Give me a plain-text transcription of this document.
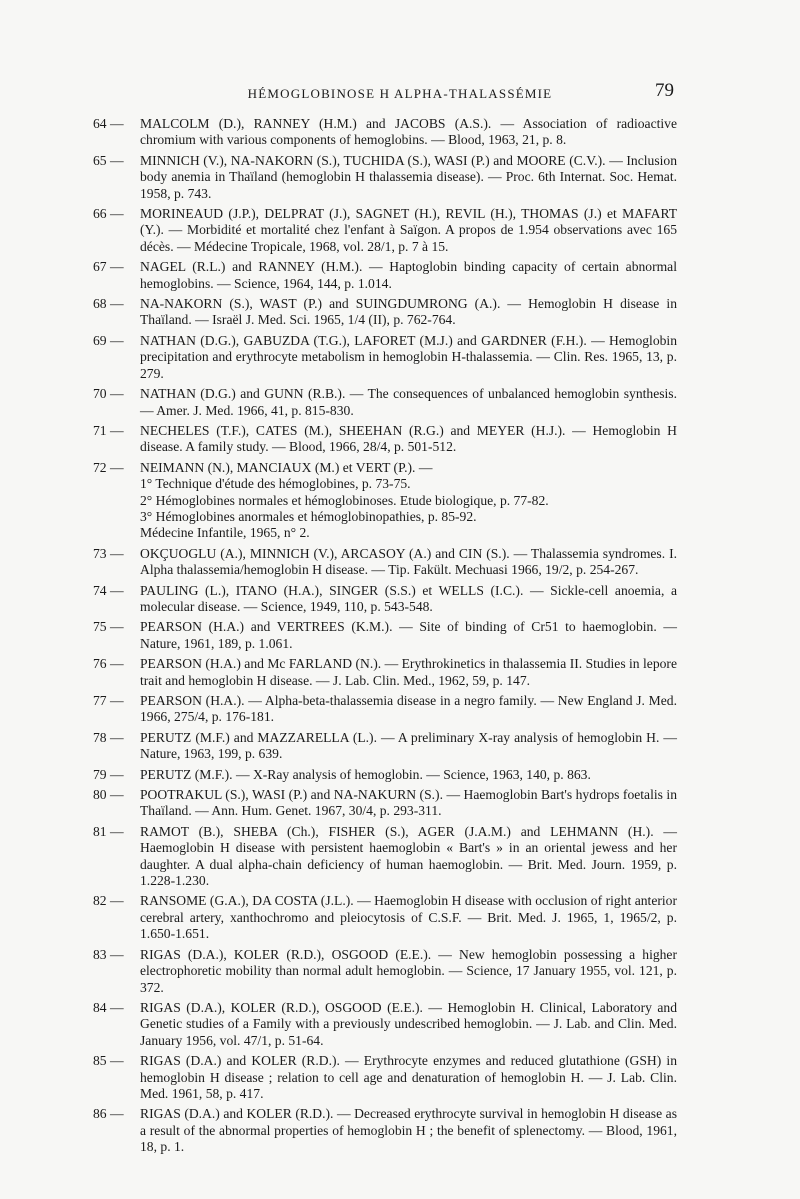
HÉMOGLOBINOSE H ALPHA-THALASSÉMIE	79
64 —	MALCOLM (D.), RANNEY (H.M.) and JACOBS (A.S.). — Association of radioactive chromium with various components of hemoglobins. — Blood, 1963, 21, p. 8.
65 —	MINNICH (V.), NA-NAKORN (S.), TUCHIDA (S.), WASI (P.) and MOORE (C.V.). — Inclusion body anemia in Thaïland (hemoglobin H thalassemia disease). — Proc. 6th Internat. Soc. Hemat. 1958, p. 743.
66 —	MORINEAUD (J.P.), DELPRAT (J.), SAGNET (H.), REVIL (H.), THOMAS (J.) et MAFART (Y.). — Morbidité et mortalité chez l'enfant à Saïgon. A propos de 1.954 observations avec 165 décès. — Médecine Tropicale, 1968, vol. 28/1, p. 7 à 15.
67 —	NAGEL (R.L.) and RANNEY (H.M.). — Haptoglobin binding capacity of certain abnormal hemoglobins. — Science, 1964, 144, p. 1.014.
68 —	NA-NAKORN (S.), WAST (P.) and SUINGDUMRONG (A.). — Hemoglobin H disease in Thaïland. — Israël J. Med. Sci. 1965, 1/4 (II), p. 762-764.
69 —	NATHAN (D.G.), GABUZDA (T.G.), LAFORET (M.J.) and GARDNER (F.H.). — Hemoglobin precipitation and erythrocyte metabolism in hemoglobin H-thalassemia. — Clin. Res. 1965, 13, p. 279.
70 —	NATHAN (D.G.) and GUNN (R.B.). — The consequences of unbalanced hemoglobin synthesis. — Amer. J. Med. 1966, 41, p. 815-830.
71 —	NECHELES (T.F.), CATES (M.), SHEEHAN (R.G.) and MEYER (H.J.). — Hemoglobin H disease. A family study. — Blood, 1966, 28/4, p. 501-512.
72 —	NEIMANN (N.), MANCIAUX (M.) et VERT (P.). —
1° Technique d'étude des hémoglobines, p. 73-75.
2° Hémoglobines normales et hémoglobinoses. Etude biologique, p. 77-82.
3° Hémoglobines anormales et hémoglobinopathies, p. 85-92.
Médecine Infantile, 1965, n° 2.
73 —	OKÇUOGLU (A.), MINNICH (V.), ARCASOY (A.) and CIN (S.). — Thalassemia syndromes. I. Alpha thalassemia/hemoglobin H disease. — Tip. Fakült. Mechuasi 1966, 19/2, p. 254-267.
74 —	PAULING (L.), ITANO (H.A.), SINGER (S.S.) et WELLS (I.C.). — Sickle-cell anoemia, a molecular disease. — Science, 1949, 110, p. 543-548.
75 —	PEARSON (H.A.) and VERTREES (K.M.). — Site of binding of Cr51 to haemoglobin. — Nature, 1961, 189, p. 1.061.
76 —	PEARSON (H.A.) and Mc FARLAND (N.). — Erythrokinetics in thalassemia II. Studies in lepore trait and hemoglobin H disease. — J. Lab. Clin. Med., 1962, 59, p. 147.
77 —	PEARSON (H.A.). — Alpha-beta-thalassemia disease in a negro family. — New England J. Med. 1966, 275/4, p. 176-181.
78 —	PERUTZ (M.F.) and MAZZARELLA (L.). — A preliminary X-ray analysis of hemoglobin H. — Nature, 1963, 199, p. 639.
79 —	PERUTZ (M.F.). — X-Ray analysis of hemoglobin. — Science, 1963, 140, p. 863.
80 —	POOTRAKUL (S.), WASI (P.) and NA-NAKURN (S.). — Haemoglobin Bart's hydrops foetalis in Thaïland. — Ann. Hum. Genet. 1967, 30/4, p. 293-311.
81 —	RAMOT (B.), SHEBA (Ch.), FISHER (S.), AGER (J.A.M.) and LEHMANN (H.). — Haemoglobin H disease with persistent haemoglobin « Bart's » in an oriental jewess and her daughter. A dual alpha-chain deficiency of human haemoglobin. — Brit. Med. Journ. 1959, p. 1.228-1.230.
82 —	RANSOME (G.A.), DA COSTA (J.L.). — Haemoglobin H disease with occlusion of right anterior cerebral artery, xanthochromo and pleiocytosis of C.S.F. — Brit. Med. J. 1965, 1, 1965/2, p. 1.650-1.651.
83 —	RIGAS (D.A.), KOLER (R.D.), OSGOOD (E.E.). — New hemoglobin possessing a higher electrophoretic mobility than normal adult hemoglobin. — Science, 17 January 1955, vol. 121, p. 372.
84 —	RIGAS (D.A.), KOLER (R.D.), OSGOOD (E.E.). — Hemoglobin H. Clinical, Laboratory and Genetic studies of a Family with a previously undescribed hemoglobin. — J. Lab. and Clin. Med. January 1956, vol. 47/1, p. 51-64.
85 —	RIGAS (D.A.) and KOLER (R.D.). — Erythrocyte enzymes and reduced glutathione (GSH) in hemoglobin H disease ; relation to cell age and denaturation of hemoglobin H. — J. Lab. Clin. Med. 1961, 58, p. 417.
86 —	RIGAS (D.A.) and KOLER (R.D.). — Decreased erythrocyte survival in hemoglobin H disease as a result of the abnormal properties of hemoglobin H ; the benefit of splenectomy. — Blood, 1961, 18, p. 1.
